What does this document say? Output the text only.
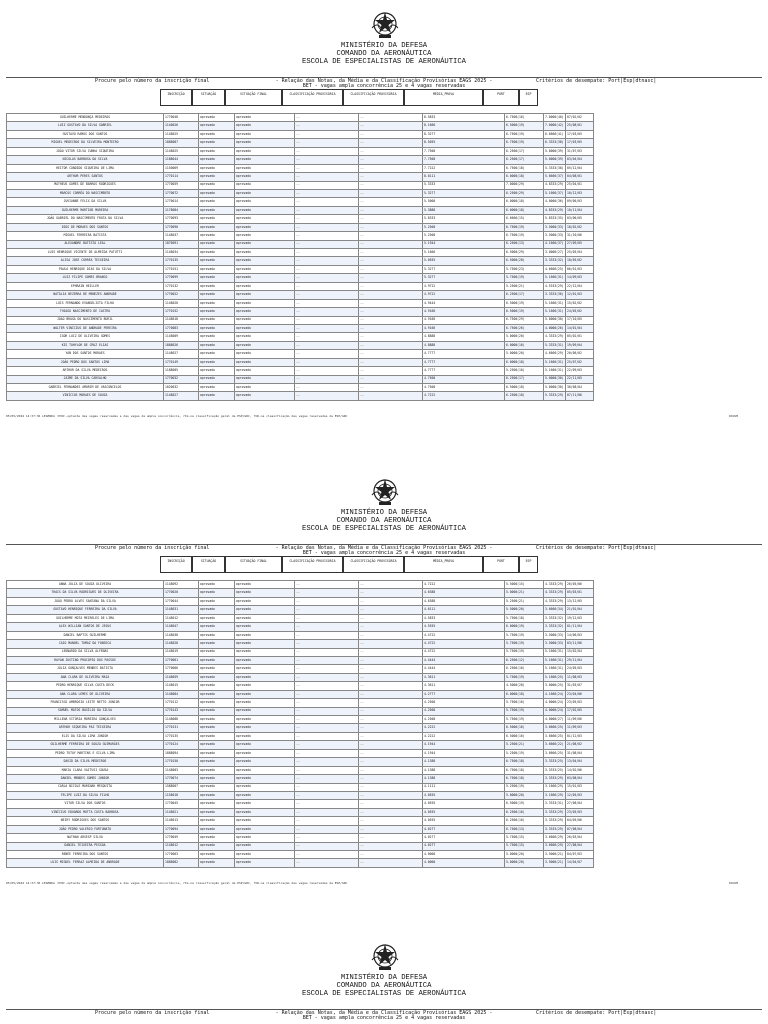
MINISTÉRIO DA DEFESA
COMANDO DA AERONÁUTICA
ESCOLA DE ESPECIALISTAS DE AERONÁUTICA
Procure pelo número da inscrição final	- Relação das Notas, da Média e da Classificação Provisórias EAGS 2025 -
BET - vagas ampla concorrência 25 e 4 vagas reservadas
Critérios de desempate: Port|Esp|dtnasc|
INSCRIÇÃO	SITUAÇÃO	SITUAÇÃO FINAL	CLASSIFICAÇÃO PROVISÓRIA	CLASSIFICAÇÃO PROVISÓRIA	MÉDIA_PROVA	PORT	ESP
GUILHERME MENDONÇA MEDEIROS	1770048	aprovado	aprovado	--	--	8.5833	6.7500(16)	7.0000(40)	07/02/02
LUIZ GUSTAVO DA SILVA GABRIEL	1140026	aprovado	aprovado	--	--	8.1666	6.5000(19)	7.0000(42)	25/08/01
GUSTAVO RAMOS DOS SANTOS	1148025	aprovado	aprovado	--	--	8.3277	6.7500(19)	6.6666(41)	17/03/05
MIGUEL MEDEIROS DA SILVEIRA MONTEIRO	1888087	aprovado	aprovado	--	--	8.5055	6.7500(19)	6.3333(38)	17/03/05
JOÃO VITOR SILVA CUNHA SIQUEIRA	1148025	aprovado	aprovado	--	--	7.7500	6.2500(17)	5.0000(39)	31/07/03
NICOLAS BARBOSA DA SILVA	1188044	aprovado	aprovado	--	--	7.7500	6.2500(17)	5.0000(39)	03/04/04
HEITOR CÂNDIDO SIQUEIRA DE LIMA	1150069	aprovado	aprovado	--	--	7.7222	6.7500(18)	5.3333(38)	05/12/04
ARTHUR PERES SANTOS	1770114	aprovado	aprovado	--	--	8.0111	6.0000(18)	5.6666(37)	04/08/01
MATHEUS GOMES DE BARROS RODRIGUES	1770059	aprovado	aprovado	--	--	5.3333	7.0000(29)	4.8333(29)	25/04/01
MARCOS CORRÊA DO NASCIMENTO	1770072	aprovado	aprovado	--	--	5.3277	6.2500(29)	5.1666(37)	10/12/03
JUVIANNE FELIX DA SILVA	1770014	aprovado	aprovado	--	--	5.5000	6.0000(18)	4.0000(36)	09/06/03
GUILHERME MARTINS MOREIRA	1178084	aprovado	aprovado	--	--	5.3888	6.0000(18)	4.8333(29)	10/11/04
JOÃO GABRIEL DO NASCIMENTO FROTA DA SILVA	1770093	aprovado	aprovado	--	--	5.8333	6.6666(15)	5.8333(35)	03/06/05
DIOS DE MORAES DOS SANTOS	1770090	aprovado	aprovado	--	--	5.2500	6.7500(19)	3.5000(33)	18/02/02
MIGUEL FERREIRA BATISTA	1148037	aprovado	aprovado	--	--	5.2500	6.7500(19)	3.5000(33)	31/10/06
ALEXANDRE BATISTA LEAL	1876091	aprovado	aprovado	--	--	5.1944	6.2500(13)	4.1666(37)	27/09/05
LUIS HENRIQUE VICENTE DE ALMEIDA PATUTTI	1148034	aprovado	aprovado	--	--	5.1666	6.5000(29)	3.0000(27)	25/05/04
ALISA JOSE CORREA TEIXEIRA	1770135	aprovado	aprovado	--	--	5.0555	6.5000(28)	3.3333(32)	18/05/02
PAULO HENRIQUE DIAS DA SILVA	1770151	aprovado	aprovado	--	--	5.3277	5.7500(23)	4.6666(25)	06/01/03
LUIZ FILIPE GOMES BRANCO	1770099	aprovado	aprovado	--	--	5.3277	5.7500(19)	5.1666(31)	14/09/03
EPHRAIN HEILLER	1770132	aprovado	aprovado	--	--	4.9722	5.2500(21)	4.5333(29)	22/12/04
NATÁLIA BEZERRA DE MENEZES ANDRADE	1770022	aprovado	aprovado	--	--	4.9722	6.2500(17)	3.3333(36)	12/01/03
LUIS FERNANDO EVANGELISTA FILHO	1148020	aprovado	aprovado	--	--	4.9444	6.5000(19)	5.1666(31)	15/02/02
THIAGO NASCIMENTO DE CASTRO	1770152	aprovado	aprovado	--	--	4.9166	6.5000(19)	5.1666(31)	24/05/02
JOÃO BRAGA DO NASCIMENTO BURIL	1148018	aprovado	aprovado	--	--	4.9166	6.7500(29)	5.0000(30)	17/10/05
WALTER VINÍCIUS DE ANDRADE PEREIRA	1770083	aprovado	aprovado	--	--	4.9166	6.7500(26)	4.0000(26)	14/01/04
IGOR LUIZ DE OLIVEIRA GOMES	1148009	aprovado	aprovado	--	--	4.8888	5.0000(20)	4.3333(29)	05/02/01
KIS TOHYLOR DE CRUZ ELIAS	1888026	aprovado	aprovado	--	--	4.8888	6.0000(16)	5.3333(31)	19/09/04
YAN DOS SANTOS MORAES	1148027	aprovado	aprovado	--	--	4.7777	5.0000(20)	4.6666(29)	20/06/02
JOÃO PEDRO DOS SANTOS LIMA	1770149	aprovado	aprovado	--	--	4.7777	6.0000(18)	5.1666(31)	25/07/02
ARTHUR DA SILVA MEDEIROS	1188005	aprovado	aprovado	--	--	4.7777	5.2500(16)	5.1666(31)	22/09/03
JAIME DA SILVA CARVALHO	1770032	aprovado	aprovado	--	--	4.7500	6.2500(17)	5.0000(30)	22/11/05
GABRIEL FERNANDES AMORIM DE VASCONCELOS	1020032	aprovado	aprovado	--	--	4.7500	6.5000(18)	5.0000(30)	30/08/04
VINÍCIUS MORAES DE SOUZA	1148027	aprovado	aprovado	--	--	4.7222	6.2500(18)	5.3333(29)	07/11/06
05/05/2024 14:37:36 LEGENDA :PVR:-optante das vagas reservadas e das vagas da ampla concorrência, ?CG-na classificação geral da ESP/GRC, ?VR-na classificação das vagas reservadas da ESP/GRC	DOCUM
MINISTÉRIO DA DEFESA
COMANDO DA AERONÁUTICA
ESCOLA DE ESPECIALISTAS DE AERONÁUTICA
Procure pelo número da inscrição final	- Relação das Notas, da Média e da Classificação Provisórias EAGS 2025 -
BET - vagas ampla concorrência 25 e 4 vagas reservadas
Critérios de desempate: Port|Esp|dtnasc|
INSCRIÇÃO	SITUAÇÃO	SITUAÇÃO FINAL	CLASSIFICAÇÃO PROVISÓRIA	CLASSIFICAÇÃO PROVISÓRIA	MÉDIA_PROVA	PORT	ESP
ANNA JÚLIA DE SOUZA OLIVEIRA	1148092	aprovado	aprovado	--	--	4.7222	5.5000(15)	4.3333(29)	26/05/06
THAIS DA SILVA RODRIGUES DE OLIVEIRA	1770020	aprovado	aprovado	--	--	4.6388	5.0000(21)	4.3333(29)	05/03/01
JOÃO PEDRO ALVES SANTANA DA SILVA	1770044	aprovado	aprovado	--	--	4.6388	5.2500(21)	4.3333(29)	13/12/05
GUSTAVO HENRIQUE FERREIRA DA SILVA	1148031	aprovado	aprovado	--	--	4.6111	5.5000(20)	3.6666(34)	21/01/04
GUILHERME MOTA MEIRELES DE LIMA	1148012	aprovado	aprovado	--	--	4.5833	5.7500(18)	3.3333(32)	19/12/03
ALEX WILLIAN SANTOS DE JESUS	1148047	aprovado	aprovado	--	--	4.5555	6.0000(19)	3.3333(32)	01/11/04
DANIEL BAPTIS GUILHERME	1148038	aprovado	aprovado	--	--	4.4722	5.7500(19)	3.5000(33)	14/06/03
CAIO MANOEL TOMAZ DA FONSECA	1148028	aprovado	aprovado	--	--	4.4722	5.7500(19)	3.5000(33)	03/11/06
LEONARDO DA SILVA ALFENAS	1148019	aprovado	aprovado	--	--	4.4722	5.7500(19)	5.1666(31)	15/02/04
RAYAN JUSTINO PROCÓPIO DOS PASSOS	1770061	aprovado	aprovado	--	--	4.4444	6.2500(12)	5.1666(31)	29/11/04
JÚLIA GONÇALVES MENDES BATISTA	1770066	aprovado	aprovado	--	--	4.4444	6.2500(16)	5.1666(31)	24/05/03
ANA CLARA DE OLIVEIRA MAIA	1148059	aprovado	aprovado	--	--	4.3611	5.7500(19)	5.1666(25)	11/08/03
PEDRO HENRIQUE SILVA COSTA DECK	1148015	aprovado	aprovado	--	--	4.3611	4.5000(28)	3.0000(25)	31/03/07
ANA CLARA LEMES DE OLIVEIRA	1148084	aprovado	aprovado	--	--	4.2777	6.0000(18)	4.1666(24)	23/04/06
FRANCISCO AMBRÓSIO LEITE NETTO JÚNIOR	1770112	aprovado	aprovado	--	--	4.2500	5.7500(16)	4.0000(24)	23/05/03
SAMUEL MATOS BASÍLIO DA SILVA	1770143	aprovado	aprovado	--	--	4.2500	5.7500(19)	4.0000(24)	17/02/05
MILLENA VITÓRIA MOREIRA GONÇALVES	1148088	aprovado	aprovado	--	--	4.2500	5.7500(19)	4.0000(27)	11/09/06
ARTHUR SIQUEIRA PAZ TEIXEIRA	1770131	aprovado	aprovado	--	--	4.2222	6.5000(16)	3.6666(25)	11/09/03
ELIS DA SILVA LIMA JÚNIOR	1770135	aprovado	aprovado	--	--	4.2222	6.5000(16)	3.6666(25)	01/12/03
GUILHERME FERREIRA DE SOUZA GUIMARÃES	1770124	aprovado	aprovado	--	--	4.1944	5.2500(21)	3.6666(22)	21/08/02
PEDRO TUTUY MARTINS E SILVA LIMA	1888094	aprovado	aprovado	--	--	4.1944	5.2500(19)	3.6666(25)	31/08/04
DAVID DA SILVA MEDEIROS	1770150	aprovado	aprovado	--	--	4.1388	6.7500(18)	3.3333(25)	13/04/04
MARIA CLARA VAITUSI SOUSA	1148003	aprovado	aprovado	--	--	4.1388	6.7500(18)	3.3333(25)	14/02/06
DANIEL MENDES GOMES JÚNIOR	1770074	aprovado	aprovado	--	--	4.1388	6.7500(18)	3.3333(29)	03/08/04
CARLA NICOLE MARINAH MESQUITA	1588007	aprovado	aprovado	--	--	4.1111	5.2500(19)	3.1666(29)	15/01/03
FELIPE LUIZ DA SILVA FILHO	1158018	aprovado	aprovado	--	--	4.0555	5.0000(20)	3.1666(29)	12/05/03
VITOR SILVA DOS SANTOS	1770045	aprovado	aprovado	--	--	4.0555	6.5000(19)	3.3333(31)	27/08/04
VINÍCIUS EDUARDO MOTTA COSTA BARBOSA	1148021	aprovado	aprovado	--	--	4.0555	6.2500(16)	3.3333(29)	23/05/03
NEIRY RODRIGUES DOS SANTOS	1148013	aprovado	aprovado	--	--	4.0555	6.2500(16)	3.3333(29)	04/05/06
JOÃO PEDRO VALERIO FORTUNATO	1770094	aprovado	aprovado	--	--	4.0277	6.7500(13)	3.3333(29)	07/08/04
NATHAN ARSESP SILVA	1770049	aprovado	aprovado	--	--	4.0277	5.7500(15)	3.6666(29)	26/03/04
DANIEL TEIXEIRA PESSOA	1148012	aprovado	aprovado	--	--	4.0277	5.7500(15)	3.6666(29)	27/08/04
RENÉE FERREIRA DOS SANTOS	1770063	aprovado	aprovado	--	--	4.0000	5.0000(20)	3.5000(21)	04/07/03
LUIS MIGUEL FERRAZ ALMEIDA DE ANDRADE	1888082	aprovado	aprovado	--	--	4.0000	5.0000(20)	3.5000(21)	14/04/07
05/05/2024 14:37:36 LEGENDA :PVR:-optante das vagas reservadas e das vagas da ampla concorrência, ?CG-na classificação geral da ESP/GRC, ?VR-na classificação das vagas reservadas da ESP/GRC	DOCUM
MINISTÉRIO DA DEFESA
COMANDO DA AERONÁUTICA
ESCOLA DE ESPECIALISTAS DE AERONÁUTICA
Procure pelo número da inscrição final	- Relação das Notas, da Média e da Classificação Provisórias EAGS 2025 -
BET - vagas ampla concorrência 25 e 4 vagas reservadas
Critérios de desempate: Port|Esp|dtnasc|
